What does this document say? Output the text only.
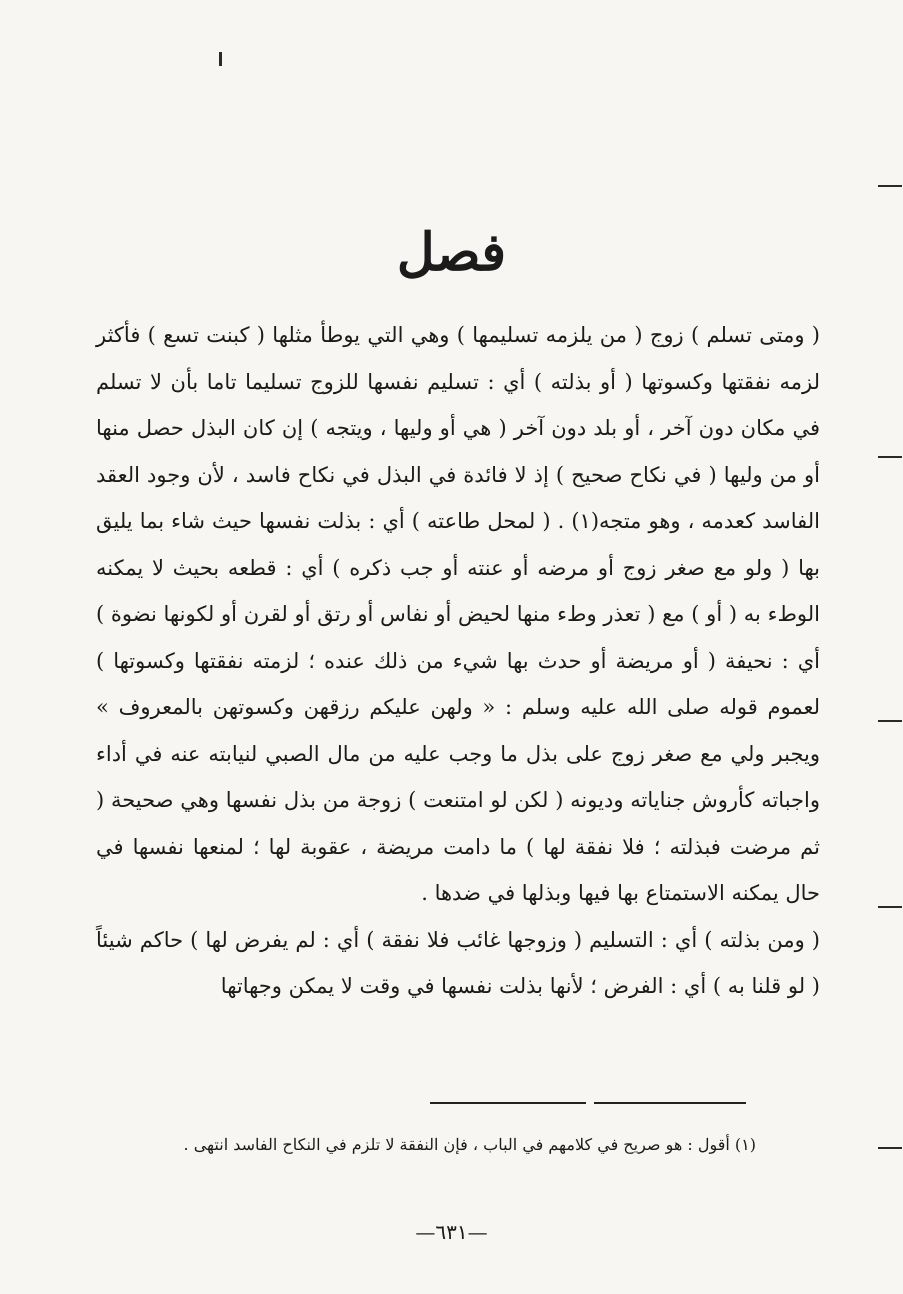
فصل

( ومتى تسلم ) زوج ( من يلزمه تسليمها ) وهي التي يوطأ مثلها ( كبنت تسع ) فأكثر لزمه نفقتها وكسوتها ( أو بذلته ) أي : تسليم نفسها للزوج تسليما تاما بأن لا تسلم في مكان دون آخر ، أو بلد دون آخر ( هي أو وليها ، ويتجه ) إن كان البذل حصل منها أو من وليها ( في نكاح صحيح ) إذ لا فائدة في البذل في نكاح فاسد ، لأن وجود العقد الفاسد كعدمه ، وهو متجه(١) . ( لمحل طاعته ) أي : بذلت نفسها حيث شاء بما يليق بها ( ولو مع صغر زوج أو مرضه أو عنته أو جب ذكره ) أي : قطعه بحيث لا يمكنه الوطء به ( أو ) مع ( تعذر وطء منها لحيض أو نفاس أو رتق أو لقرن أو لكونها نضوة ) أي : نحيفة ( أو مريضة أو حدث بها شيء من ذلك عنده ؛ لزمته نفقتها وكسوتها ) لعموم قوله صلى الله عليه وسلم : « ولهن عليكم رزقهن وكسوتهن بالمعروف » ويجبر ولي مع صغر زوج على بذل ما وجب عليه من مال الصبي لنيابته عنه في أداء واجباته كأروش جناياته وديونه ( لكن لو امتنعت ) زوجة من بذل نفسها وهي صحيحة ( ثم مرضت فبذلته ؛ فلا نفقة لها ) ما دامت مريضة ، عقوبة لها ؛ لمنعها نفسها في حال يمكنه الاستمتاع بها فيها وبذلها في ضدها .

( ومن بذلته ) أي : التسليم ( وزوجها غائب فلا نفقة ) أي : لم يفرض لها ) حاكم شيئاً ( لو قلنا به ) أي : الفرض ؛ لأنها بذلت نفسها في وقت لا يمكن وجهاتها

(١) أقول : هو صريح في كلامهم في الباب ، فإن النفقة لا تلزم في النكاح الفاسد انتهى .
—٦٣١—
